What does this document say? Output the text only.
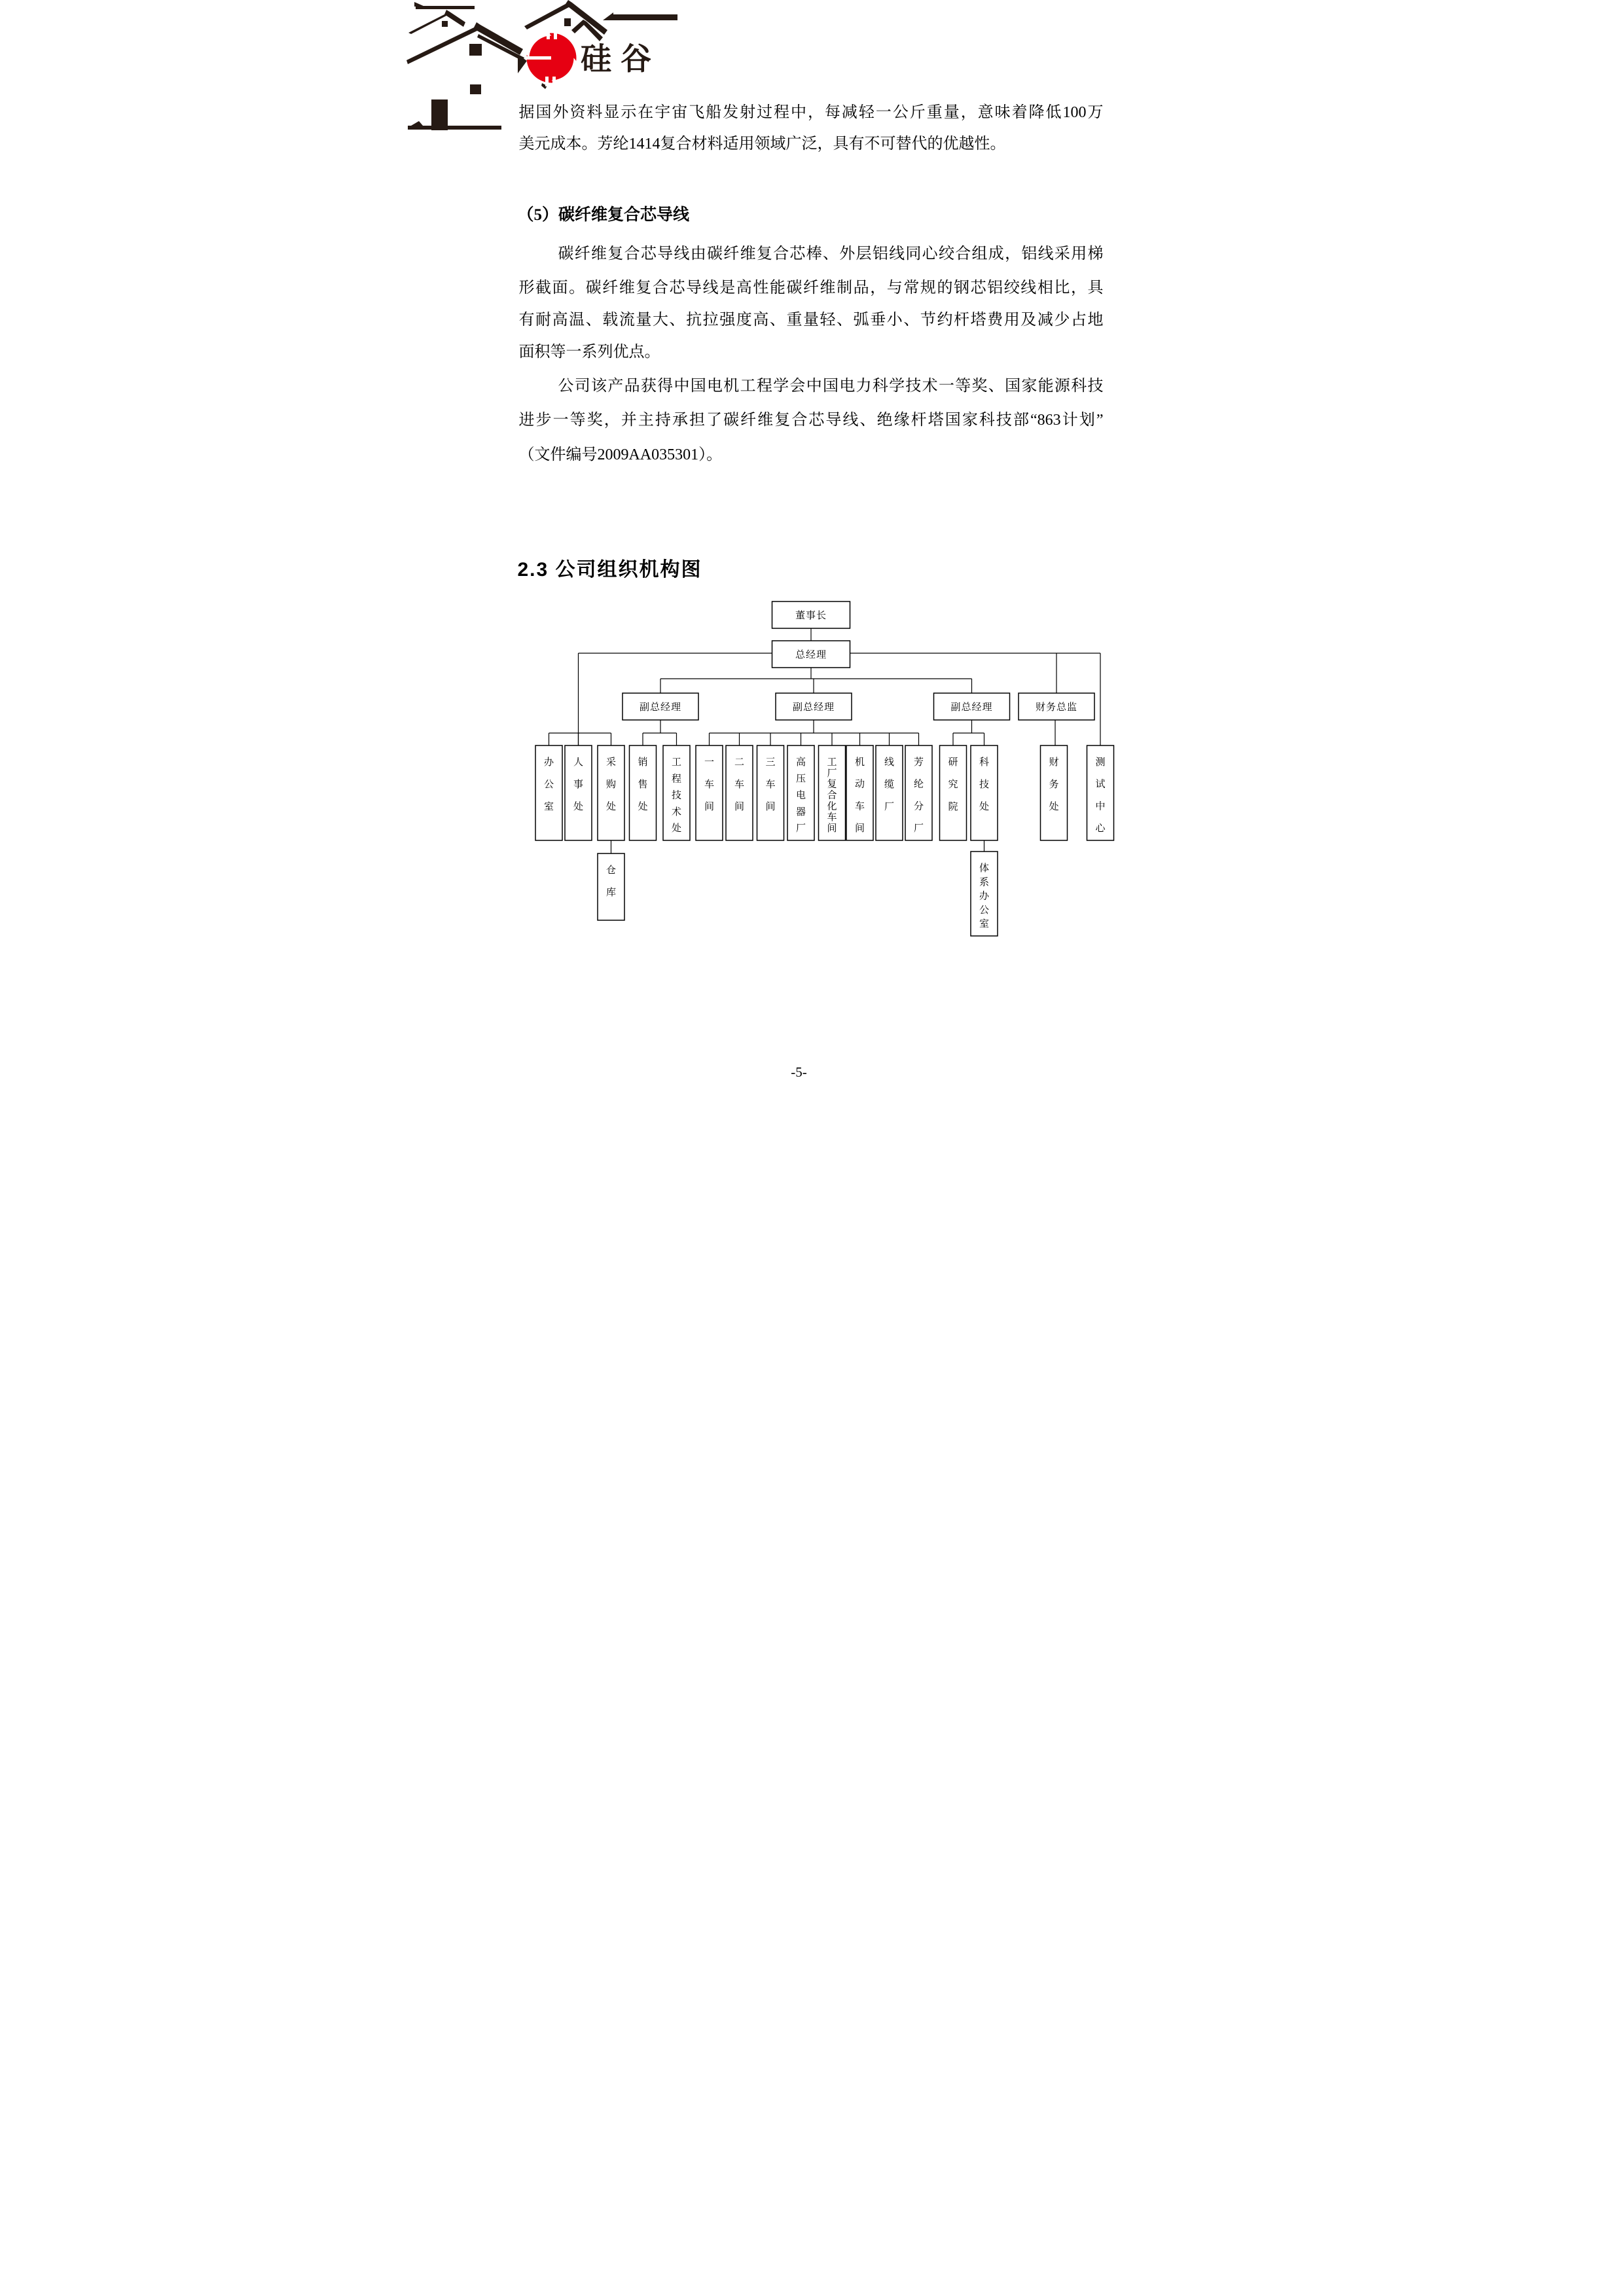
硅谷
据国外资料显示在宇宙飞船发射过程中，每减轻一公斤重量，意味着降低100万
美元成本。芳纶1414复合材料适用领域广泛，具有不可替代的优越性。
（5）碳纤维复合芯导线
碳纤维复合芯导线由碳纤维复合芯棒、外层铝线同心绞合组成，铝线采用梯
形截面。碳纤维复合芯导线是高性能碳纤维制品，与常规的钢芯铝绞线相比，具
有耐高温、载流量大、抗拉强度高、重量轻、弧垂小、节约杆塔费用及减少占地
面积等一系列优点。
公司该产品获得中国电机工程学会中国电力科学技术一等奖、国家能源科技
进步一等奖，并主持承担了碳纤维复合芯导线、绝缘杆塔国家科技部“863计划”
（文件编号2009AA035301）。
2.3 公司组织机构图
董事长
总经理
副总经理	副总经理	副总经理	财务总监
办
公
室
人
事
处
采
购
处
销
售
处
工
程
技
术
处
一
车
间
二
车
间
三
车
间
高
压
电
器
厂
工
厂
复
合
化
车
间
机
动
车
间
线
缆
厂
芳
纶
分
厂
研
究
院
科
技
处
财
务
处
测
试
中
心
仓
库
体
系
办
公
室
-5-
